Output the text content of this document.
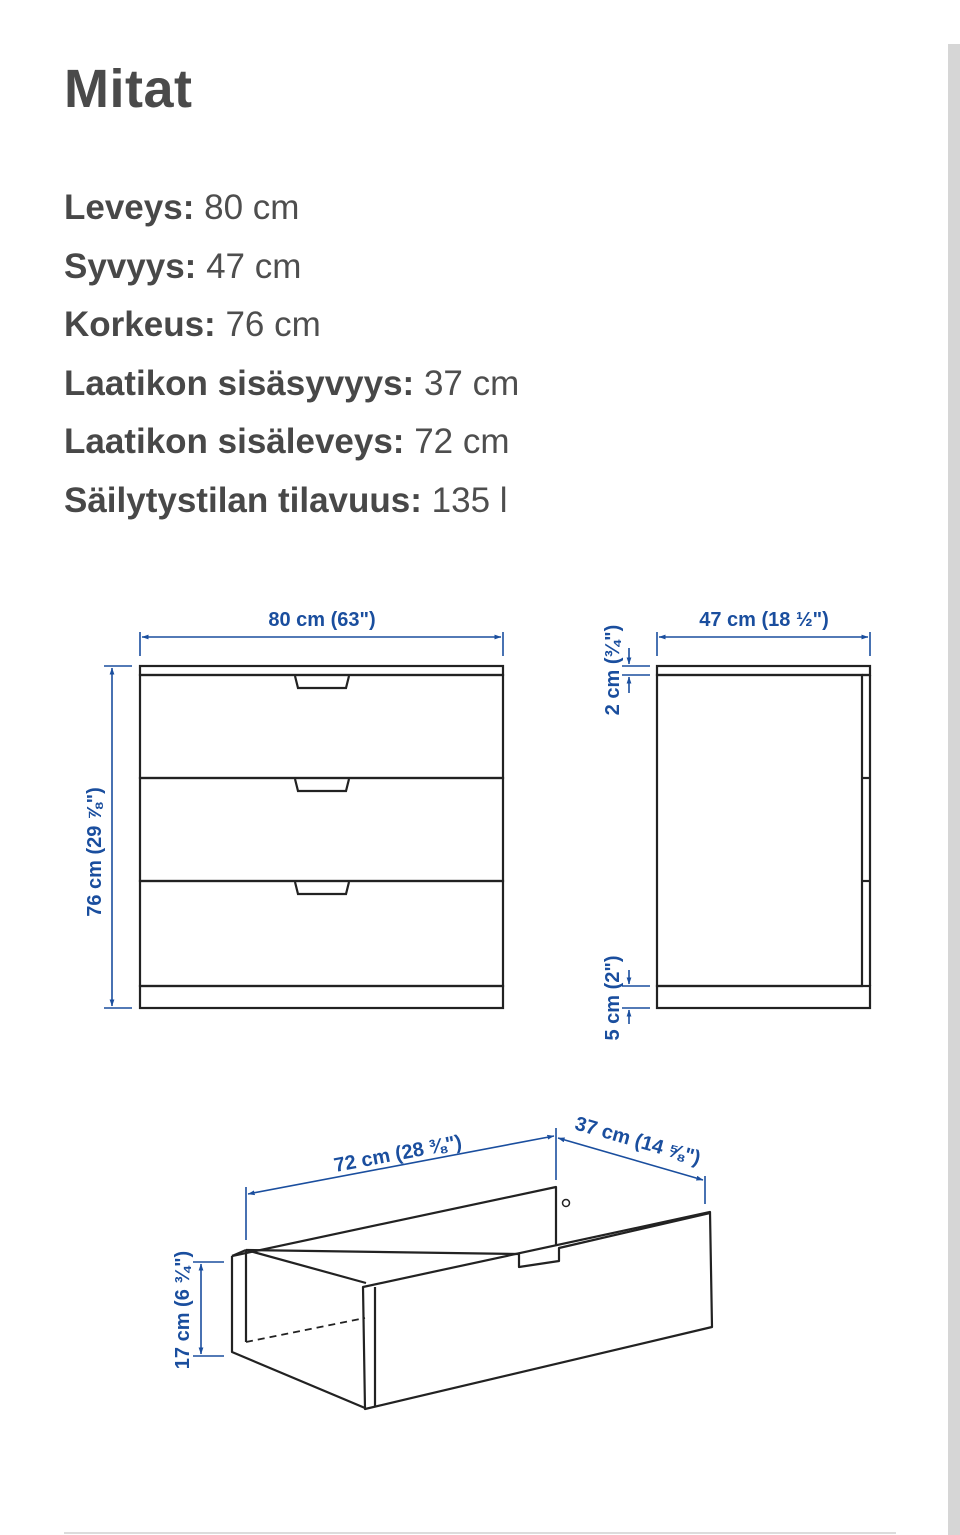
Mitat
Leveys: 80 cm
Syvyys: 47 cm
Korkeus: 76 cm
Laatikon sisäsyvyys: 37 cm
Laatikon sisäleveys: 72 cm
Säilytystilan tilavuus: 135 l
80 cm (63")
76 cm (29 ⅞")
47 cm (18 ½")
2 cm (¾")
5 cm (2")
72 cm (28 ⅜")	37 cm (14 ⅝")
17 cm (6 ¾")
